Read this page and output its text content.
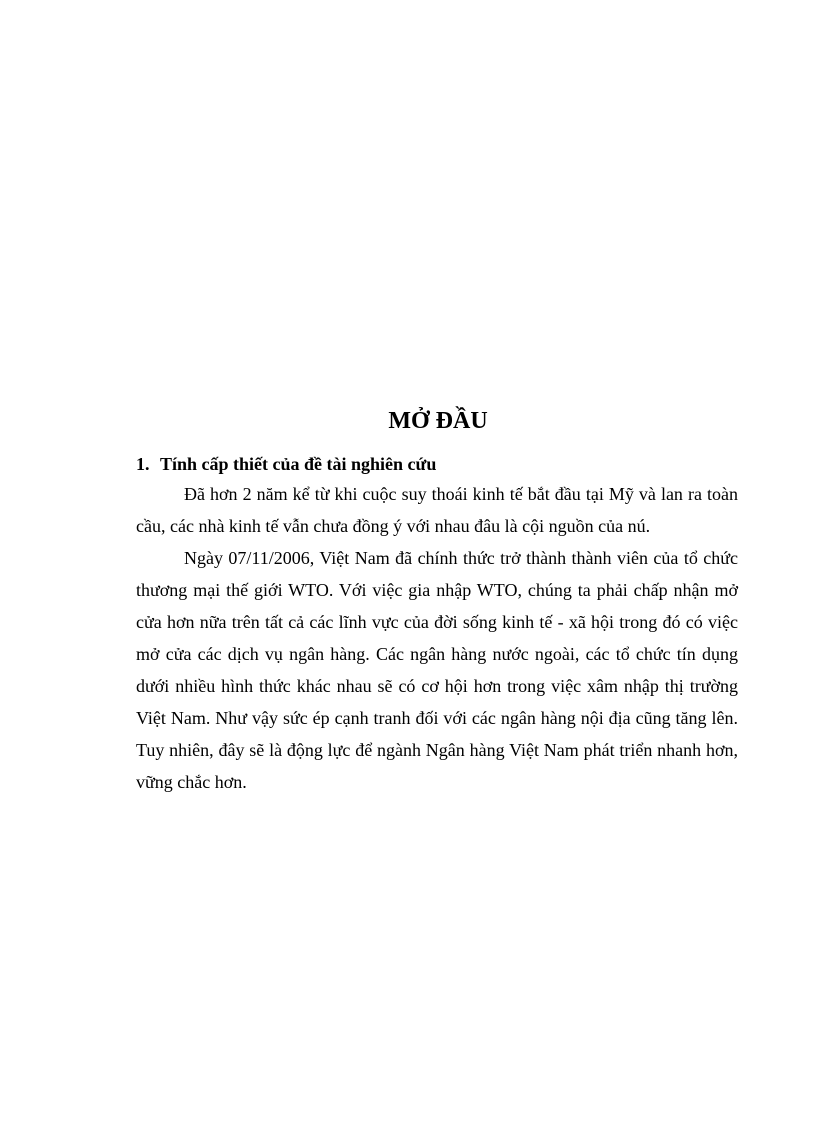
MỞ ĐẦU
1. Tính cấp thiết của đề tài nghiên cứu

Đã hơn 2 năm kể từ khi cuộc suy thoái kinh tế bắt đầu tại Mỹ và lan ra toàn cầu, các nhà kinh tế vẫn chưa đồng ý với nhau đâu là cội nguồn của nú.

Ngày 07/11/2006, Việt Nam đã chính thức trở thành thành viên của tổ chức thương mại thế giới WTO. Với việc gia nhập WTO, chúng ta phải chấp nhận mở cửa hơn nữa trên tất cả các lĩnh vực của đời sống kinh tế - xã hội trong đó có việc mở cửa các dịch vụ ngân hàng. Các ngân hàng nước ngoài, các tổ chức tín dụng dưới nhiều hình thức khác nhau sẽ có cơ hội hơn trong việc xâm nhập thị trường Việt Nam. Như vậy sức ép cạnh tranh đối với các ngân hàng nội địa cũng tăng lên. Tuy nhiên, đây sẽ là động lực để ngành Ngân hàng Việt Nam phát triển nhanh hơn, vững chắc hơn.
